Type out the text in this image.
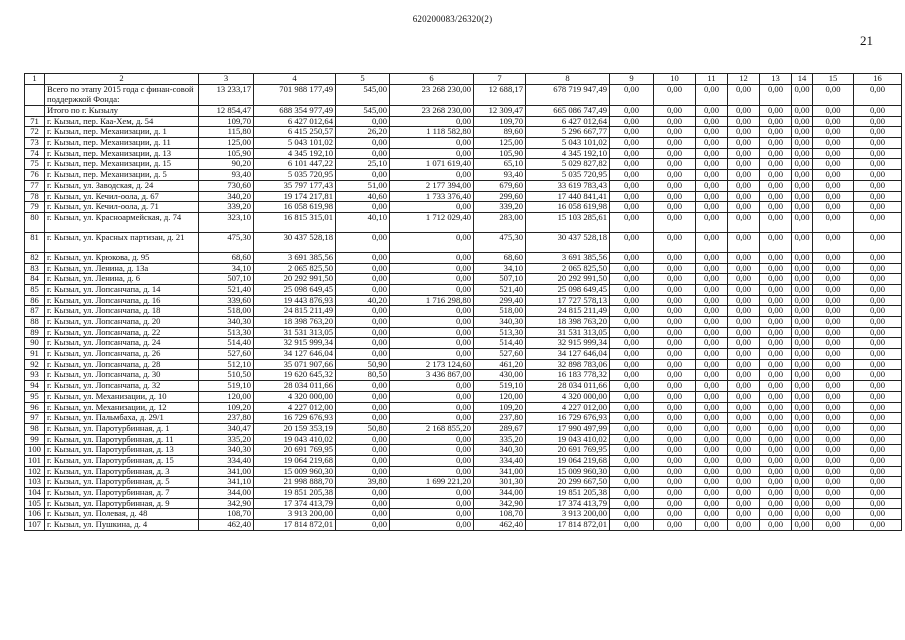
620200083/26320(2)
21
1	2	3	4	5	6	7	8	9	10	11	12	13	14	15	16
	Всего по этапу 2015 года с финан-совой поддержкой Фонда:	13 233,17	701 988 177,49	545,00	23 268 230,00	12 688,17	678 719 947,49	0,00	0,00	0,00	0,00	0,00	0,00	0,00	0,00
	Итого по г. Кызылу	12 854,47	688 354 977,49	545,00	23 268 230,00	12 309,47	665 086 747,49	0,00	0,00	0,00	0,00	0,00	0,00	0,00	0,00
71	г. Кызыл, пер. Каа-Хем, д. 54	109,70	6 427 012,64	0,00	0,00	109,70	6 427 012,64	0,00	0,00	0,00	0,00	0,00	0,00	0,00	0,00
72	г. Кызыл, пер. Механизации, д. 1	115,80	6 415 250,57	26,20	1 118 582,80	89,60	5 296 667,77	0,00	0,00	0,00	0,00	0,00	0,00	0,00	0,00
73	г. Кызыл, пер. Механизации, д. 11	125,00	5 043 101,02	0,00	0,00	125,00	5 043 101,02	0,00	0,00	0,00	0,00	0,00	0,00	0,00	0,00
74	г. Кызыл, пер. Механизации, д. 13	105,90	4 345 192,10	0,00	0,00	105,90	4 345 192,10	0,00	0,00	0,00	0,00	0,00	0,00	0,00	0,00
75	г. Кызыл, пер. Механизации, д. 15	90,20	6 101 447,22	25,10	1 071 619,40	65,10	5 029 827,82	0,00	0,00	0,00	0,00	0,00	0,00	0,00	0,00
76	г. Кызыл, пер. Механизации, д. 5	93,40	5 035 720,95	0,00	0,00	93,40	5 035 720,95	0,00	0,00	0,00	0,00	0,00	0,00	0,00	0,00
77	г. Кызыл, ул. Заводская, д. 24	730,60	35 797 177,43	51,00	2 177 394,00	679,60	33 619 783,43	0,00	0,00	0,00	0,00	0,00	0,00	0,00	0,00
78	г. Кызыл, ул. Кечил-оола, д. 67	340,20	19 174 217,81	40,60	1 733 376,40	299,60	17 440 841,41	0,00	0,00	0,00	0,00	0,00	0,00	0,00	0,00
79	г. Кызыл, ул. Кечил-оола, д. 71	339,20	16 058 619,98	0,00	0,00	339,20	16 058 619,98	0,00	0,00	0,00	0,00	0,00	0,00	0,00	0,00
80	г. Кызыл, ул. Красноармейская, д. 74	323,10	16 815 315,01	40,10	1 712 029,40	283,00	15 103 285,61	0,00	0,00	0,00	0,00	0,00	0,00	0,00	0,00
81	г. Кызыл, ул. Красных партизан, д. 21	475,30	30 437 528,18	0,00	0,00	475,30	30 437 528,18	0,00	0,00	0,00	0,00	0,00	0,00	0,00	0,00
82	г. Кызыл, ул. Крюкова, д. 95	68,60	3 691 385,56	0,00	0,00	68,60	3 691 385,56	0,00	0,00	0,00	0,00	0,00	0,00	0,00	0,00
83	г. Кызыл, ул. Ленина, д. 13а	34,10	2 065 825,50	0,00	0,00	34,10	2 065 825,50	0,00	0,00	0,00	0,00	0,00	0,00	0,00	0,00
84	г. Кызыл, ул. Ленина, д. 6	507,10	20 292 991,50	0,00	0,00	507,10	20 292 991,50	0,00	0,00	0,00	0,00	0,00	0,00	0,00	0,00
85	г. Кызыл, ул. Лопсанчапа, д. 14	521,40	25 098 649,45	0,00	0,00	521,40	25 098 649,45	0,00	0,00	0,00	0,00	0,00	0,00	0,00	0,00
86	г. Кызыл, ул. Лопсанчапа, д. 16	339,60	19 443 876,93	40,20	1 716 298,80	299,40	17 727 578,13	0,00	0,00	0,00	0,00	0,00	0,00	0,00	0,00
87	г. Кызыл, ул. Лопсанчапа, д. 18	518,00	24 815 211,49	0,00	0,00	518,00	24 815 211,49	0,00	0,00	0,00	0,00	0,00	0,00	0,00	0,00
88	г. Кызыл, ул. Лопсанчапа, д. 20	340,30	18 398 763,20	0,00	0,00	340,30	18 398 763,20	0,00	0,00	0,00	0,00	0,00	0,00	0,00	0,00
89	г. Кызыл, ул. Лопсанчапа, д. 22	513,30	31 531 313,05	0,00	0,00	513,30	31 531 313,05	0,00	0,00	0,00	0,00	0,00	0,00	0,00	0,00
90	г. Кызыл, ул. Лопсанчапа, д. 24	514,40	32 915 999,34	0,00	0,00	514,40	32 915 999,34	0,00	0,00	0,00	0,00	0,00	0,00	0,00	0,00
91	г. Кызыл, ул. Лопсанчапа, д. 26	527,60	34 127 646,04	0,00	0,00	527,60	34 127 646,04	0,00	0,00	0,00	0,00	0,00	0,00	0,00	0,00
92	г. Кызыл, ул. Лопсанчапа, д. 28	512,10	35 071 907,66	50,90	2 173 124,60	461,20	32 898 783,06	0,00	0,00	0,00	0,00	0,00	0,00	0,00	0,00
93	г. Кызыл, ул. Лопсанчапа, д. 30	510,50	19 620 645,32	80,50	3 436 867,00	430,00	16 183 778,32	0,00	0,00	0,00	0,00	0,00	0,00	0,00	0,00
94	г. Кызыл, ул. Лопсанчапа, д. 32	519,10	28 034 011,66	0,00	0,00	519,10	28 034 011,66	0,00	0,00	0,00	0,00	0,00	0,00	0,00	0,00
95	г. Кызыл, ул. Механизации, д. 10	120,00	4 320 000,00	0,00	0,00	120,00	4 320 000,00	0,00	0,00	0,00	0,00	0,00	0,00	0,00	0,00
96	г. Кызыл, ул. Механизации, д. 12	109,20	4 227 012,00	0,00	0,00	109,20	4 227 012,00	0,00	0,00	0,00	0,00	0,00	0,00	0,00	0,00
97	г. Кызыл, ул. Пальмбаха, д. 29/1	237,80	16 729 676,93	0,00	0,00	237,80	16 729 676,93	0,00	0,00	0,00	0,00	0,00	0,00	0,00	0,00
98	г. Кызыл, ул. Паротурбинная, д. 1	340,47	20 159 353,19	50,80	2 168 855,20	289,67	17 990 497,99	0,00	0,00	0,00	0,00	0,00	0,00	0,00	0,00
99	г. Кызыл, ул. Паротурбинная, д. 11	335,20	19 043 410,02	0,00	0,00	335,20	19 043 410,02	0,00	0,00	0,00	0,00	0,00	0,00	0,00	0,00
100	г. Кызыл, ул. Паротурбинная, д. 13	340,30	20 691 769,95	0,00	0,00	340,30	20 691 769,95	0,00	0,00	0,00	0,00	0,00	0,00	0,00	0,00
101	г. Кызыл, ул. Паротурбинная, д. 15	334,40	19 064 219,68	0,00	0,00	334,40	19 064 219,68	0,00	0,00	0,00	0,00	0,00	0,00	0,00	0,00
102	г. Кызыл, ул. Паротурбинная, д. 3	341,00	15 009 960,30	0,00	0,00	341,00	15 009 960,30	0,00	0,00	0,00	0,00	0,00	0,00	0,00	0,00
103	г. Кызыл, ул. Паротурбинная, д. 5	341,10	21 998 888,70	39,80	1 699 221,20	301,30	20 299 667,50	0,00	0,00	0,00	0,00	0,00	0,00	0,00	0,00
104	г. Кызыл, ул. Паротурбинная, д. 7	344,00	19 851 205,38	0,00	0,00	344,00	19 851 205,38	0,00	0,00	0,00	0,00	0,00	0,00	0,00	0,00
105	г. Кызыл, ул. Паротурбинная, д. 9	342,90	17 374 413,79	0,00	0,00	342,90	17 374 413,79	0,00	0,00	0,00	0,00	0,00	0,00	0,00	0,00
106	г. Кызыл, ул. Полевая, д. 48	108,70	3 913 200,00	0,00	0,00	108,70	3 913 200,00	0,00	0,00	0,00	0,00	0,00	0,00	0,00	0,00
107	г. Кызыл, ул. Пушкина, д. 4	462,40	17 814 872,01	0,00	0,00	462,40	17 814 872,01	0,00	0,00	0,00	0,00	0,00	0,00	0,00	0,00
